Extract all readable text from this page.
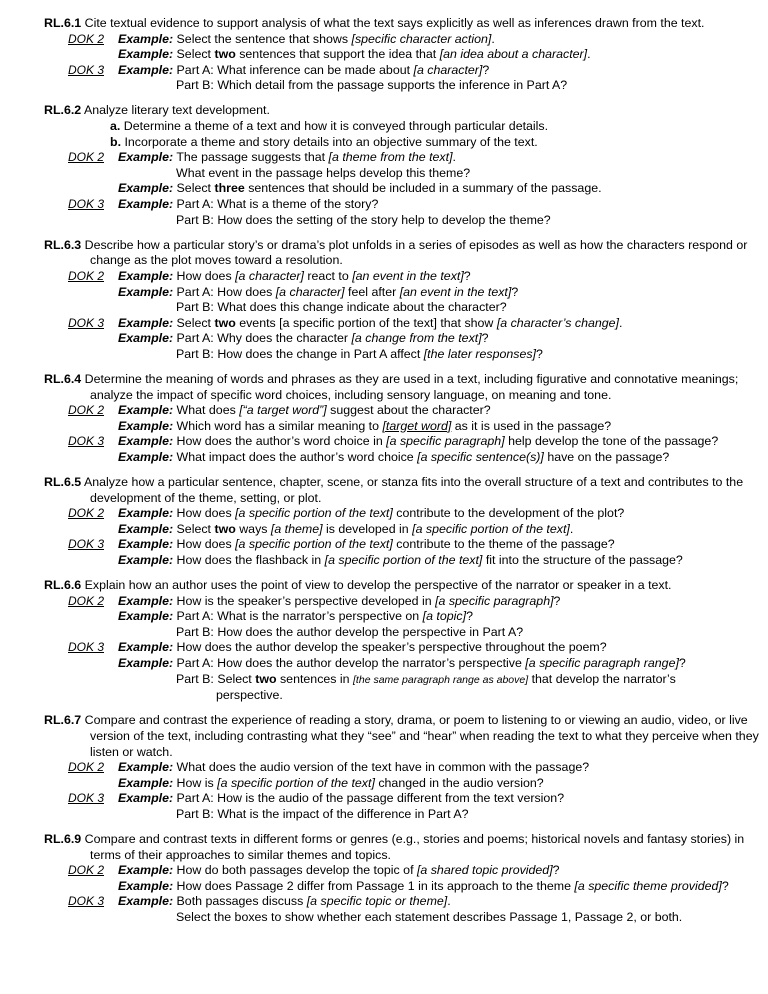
RL.6.1 Cite textual evidence to support analysis of what the text says explicitly as well as inferences drawn from the text.
DOK 2 Example: Select the sentence that shows [specific character action].
Example: Select two sentences that support the idea that [an idea about a character].
DOK 3 Example: Part A: What inference can be made about [a character]?
Part B: Which detail from the passage supports the inference in Part A?
RL.6.2 Analyze literary text development.
a. Determine a theme of a text and how it is conveyed through particular details.
b. Incorporate a theme and story details into an objective summary of the text.
DOK 2 Example: The passage suggests that [a theme from the text].
What event in the passage helps develop this theme?
Example: Select three sentences that should be included in a summary of the passage.
DOK 3 Example: Part A: What is a theme of the story?
Part B: How does the setting of the story help to develop the theme?
RL.6.3 Describe how a particular story’s or drama’s plot unfolds in a series of episodes as well as how the characters respond or change as the plot moves toward a resolution.
DOK 2 Example: How does [a character] react to [an event in the text]?
Example: Part A: How does [a character] feel after [an event in the text]?
Part B: What does this change indicate about the character?
DOK 3 Example: Select two events [a specific portion of the text] that show [a character’s change].
Example: Part A: Why does the character [a change from the text]?
Part B: How does the change in Part A affect [the later responses]?
RL.6.4 Determine the meaning of words and phrases as they are used in a text, including figurative and connotative meanings; analyze the impact of specific word choices, including sensory language, on meaning and tone.
DOK 2 Example: What does [“a target word”] suggest about the character?
Example: Which word has a similar meaning to [target word] as it is used in the passage?
DOK 3 Example: How does the author’s word choice in [a specific paragraph] help develop the tone of the passage?
Example: What impact does the author’s word choice [a specific sentence(s)] have on the passage?
RL.6.5 Analyze how a particular sentence, chapter, scene, or stanza fits into the overall structure of a text and contributes to the development of the theme, setting, or plot.
DOK 2 Example: How does [a specific portion of the text] contribute to the development of the plot?
Example: Select two ways [a theme] is developed in [a specific portion of the text].
DOK 3 Example: How does [a specific portion of the text] contribute to the theme of the passage?
Example: How does the flashback in [a specific portion of the text] fit into the structure of the passage?
RL.6.6 Explain how an author uses the point of view to develop the perspective of the narrator or speaker in a text.
DOK 2 Example: How is the speaker’s perspective developed in [a specific paragraph]?
Example: Part A: What is the narrator’s perspective on [a topic]?
Part B: How does the author develop the perspective in Part A?
DOK 3 Example: How does the author develop the speaker’s perspective throughout the poem?
Example: Part A: How does the author develop the narrator’s perspective [a specific paragraph range]?
Part B: Select two sentences in [the same paragraph range as above] that develop the narrator’s
perspective.
RL.6.7 Compare and contrast the experience of reading a story, drama, or poem to listening to or viewing an audio, video, or live version of the text, including contrasting what they “see” and “hear” when reading the text to what they perceive when they listen or watch.
DOK 2 Example: What does the audio version of the text have in common with the passage?
Example: How is [a specific portion of the text] changed in the audio version?
DOK 3 Example: Part A: How is the audio of the passage different from the text version?
Part B: What is the impact of the difference in Part A?
RL.6.9 Compare and contrast texts in different forms or genres (e.g., stories and poems; historical novels and fantasy stories) in terms of their approaches to similar themes and topics.
DOK 2 Example: How do both passages develop the topic of [a shared topic provided]?
Example: How does Passage 2 differ from Passage 1 in its approach to the theme [a specific theme provided]?
DOK 3 Example: Both passages discuss [a specific topic or theme].
Select the boxes to show whether each statement describes Passage 1, Passage 2, or both.
